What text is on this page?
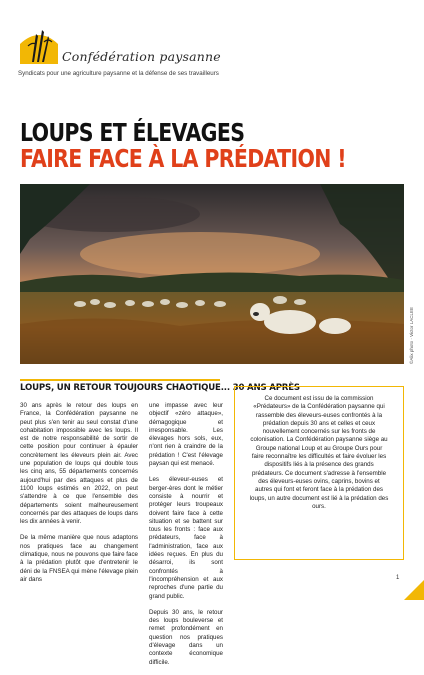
Confédération paysanne
Syndicats pour une agriculture paysanne et la défense de ses travailleurs
LOUPS ET ÉLEVAGES
FAIRE FACE À LA PRÉDATION !
©Alix photo · Victor LACLEE
LOUPS, UN RETOUR TOUJOURS CHAOTIQUE... 30 ANS APRÈS

30 ans après le retour des loups en France, la Confédération paysanne ne peut plus s'en tenir au seul constat d'une cohabitation impossible avec les loups. Il est de notre responsabilité de sortir de cette position pour continuer à épauler concrètement les éleveurs plein air. Avec une population de loups qui double tous les cinq ans, 55 départements concernés aujourd'hui par des attaques et plus de 1100 loups estimés en 2022, on peut s'attendre à ce que l'ensemble des départements soient malheureusement concernés par des attaques de loups dans les dix années à venir.

De la même manière que nous adaptons nos pratiques face au changement climatique, nous ne pouvons que faire face à la prédation plutôt que d'entretenir le déni de la FNSEA qui mène l'élevage plein air dans

une impasse avec leur objectif «zéro attaque», démagogique et irresponsable. Les élevages hors sols, eux, n'ont rien à craindre de la prédation ! C'est l'élevage paysan qui est menacé.

Les éleveur-euses et berger-ères dont le métier consiste à nourrir et protéger leurs troupeaux doivent faire face à cette situation et se battent sur tous les fronts : face aux prédateurs, face à l'administration, face aux idées reçues. En plus du désarroi, ils sont confrontés à l'incompréhension et aux reproches d'une partie du grand public.

Depuis 30 ans, le retour des loups bouleverse et remet profondément en question nos pratiques d'élevage dans un contexte économique difficile.

Ce document est issu de la commission «Prédateurs» de la Confédération paysanne qui rassemble des éleveurs-euses confrontés à la prédation depuis 30 ans et celles et ceux nouvellement concernés sur les fronts de colonisation. La Confédération paysanne siège au Groupe national Loup et au Groupe Ours pour faire reconnaître les difficultés et faire évoluer les dispositifs liés à la présence des grands prédateurs. Ce document s'adresse à l'ensemble des éleveurs-euses ovins, caprins, bovins et autres qui font et feront face à la prédation des loups, un autre document est lié à la prédation des ours.

1
